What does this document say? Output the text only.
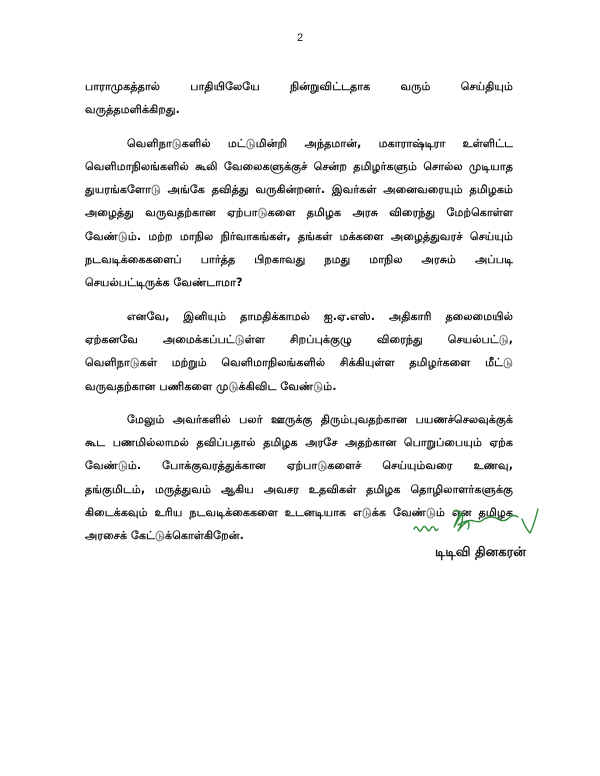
2
பாராமுகத்தால் பாதியிலேயே நின்றுவிட்டதாக வரும் செய்தியும்
வருத்தமளிக்கிறது.
வெளிநாடுகளில் மட்டுமின்றி அந்தமான், மகாராஷ்டிரா உள்ளிட்ட
வெளிமாநிலங்களில் கூலி வேலைகளுக்குச் சென்ற தமிழர்களும் சொல்ல முடியாத
துயரங்களோடு அங்கே தவித்து வருகின்றனர். இவர்கள் அனைவரையும் தமிழகம்
அழைத்து வருவதற்கான ஏற்பாடுகளை தமிழக அரசு விரைந்து மேற்கொள்ள
வேண்டும். மற்ற மாநில நிர்வாகங்கள், தங்கள் மக்களை அழைத்துவரச் செய்யும்
நடவடிக்கைகளைப் பார்த்த பிறகாவது நமது மாநில அரசும் அப்படி
செயல்பட்டிருக்க வேண்டாமா?
எனவே, இனியும் தாமதிக்காமல் ஐ.ஏ.எஸ். அதிகாரி தலைமையில்
ஏற்கனவே அமைக்கப்பட்டுள்ள சிறப்புக்குழு விரைந்து செயல்பட்டு,
வெளிநாடுகள் மற்றும் வெளிமாநிலங்களில் சிக்கியுள்ள தமிழர்களை மீட்டு
வருவதற்கான பணிகளை முடுக்கிவிட வேண்டும்.
மேலும் அவர்களில் பலர் ஊருக்கு திரும்புவதற்கான பயணச்செலவுக்குக்
கூட பணமில்லாமல் தவிப்பதால் தமிழக அரசே அதற்கான பொறுப்பையும் ஏற்க
வேண்டும். போக்குவரத்துக்கான ஏற்பாடுகளைச் செய்யும்வரை உணவு,
தங்குமிடம், மருத்துவம் ஆகிய அவசர உதவிகள் தமிழக தொழிலாளர்களுக்கு
கிடைக்கவும் உரிய நடவடிக்கைகளை உடனடியாக எடுக்க வேண்டும் என தமிழக
அரசைக் கேட்டுக்கொள்கிறேன்.
டிடிவி தினகரன்
